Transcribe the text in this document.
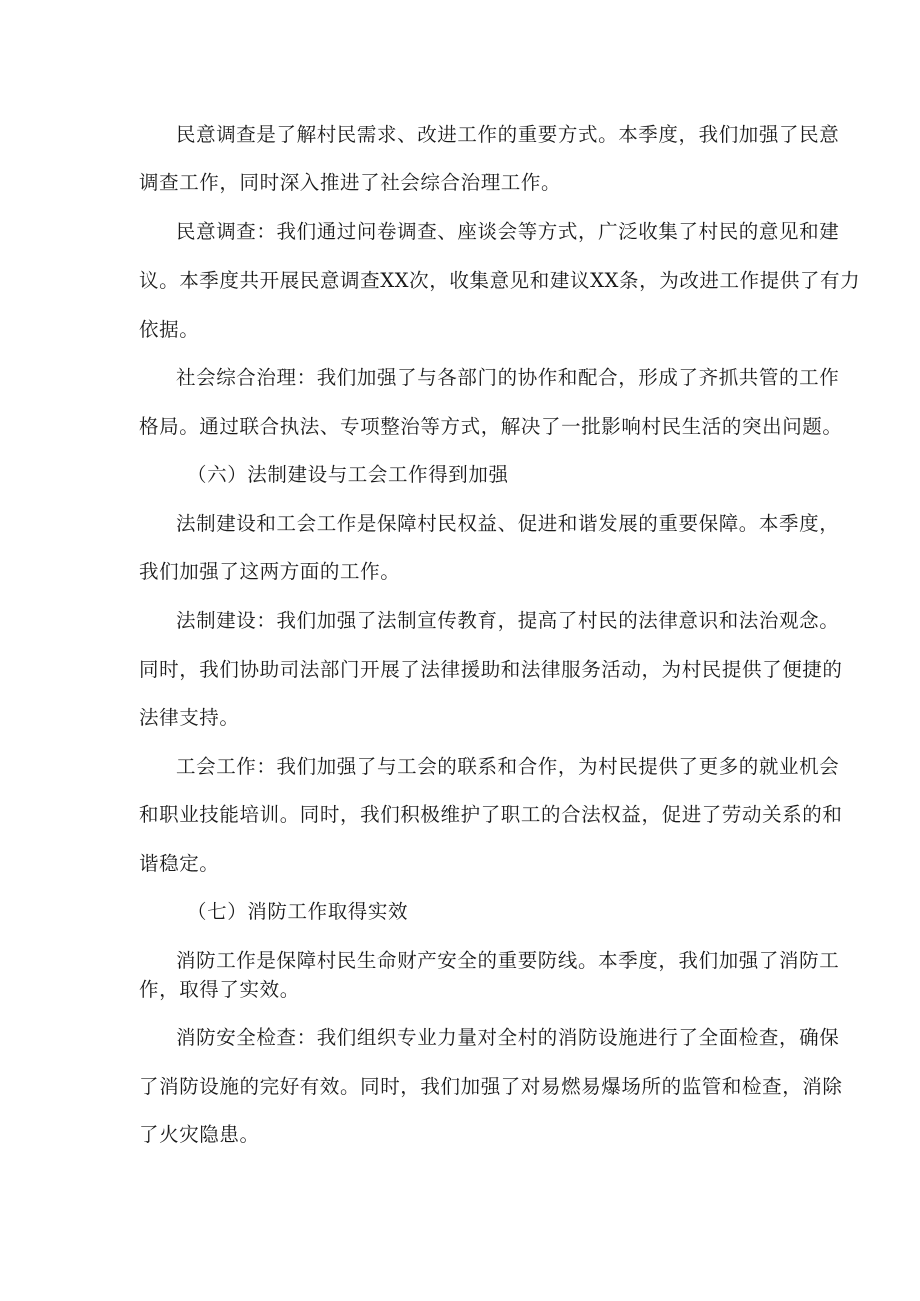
民意调查是了解村民需求、改进工作的重要方式。本季度，我们加强了民意
调查工作，同时深入推进了社会综合治理工作。
民意调查：我们通过问卷调查、座谈会等方式，广泛收集了村民的意见和建
议。本季度共开展民意调查XX次，收集意见和建议XX条，为改进工作提供了有力
依据。
社会综合治理：我们加强了与各部门的协作和配合，形成了齐抓共管的工作
格局。通过联合执法、专项整治等方式，解决了一批影响村民生活的突出问题。
（六）法制建设与工会工作得到加强
法制建设和工会工作是保障村民权益、促进和谐发展的重要保障。本季度，
我们加强了这两方面的工作。
法制建设：我们加强了法制宣传教育，提高了村民的法律意识和法治观念。
同时，我们协助司法部门开展了法律援助和法律服务活动，为村民提供了便捷的
法律支持。
工会工作：我们加强了与工会的联系和合作，为村民提供了更多的就业机会
和职业技能培训。同时，我们积极维护了职工的合法权益，促进了劳动关系的和
谐稳定。
（七）消防工作取得实效
消防工作是保障村民生命财产安全的重要防线。本季度，我们加强了消防工
作，取得了实效。
消防安全检查：我们组织专业力量对全村的消防设施进行了全面检查，确保
了消防设施的完好有效。同时，我们加强了对易燃易爆场所的监管和检查，消除
了火灾隐患。
